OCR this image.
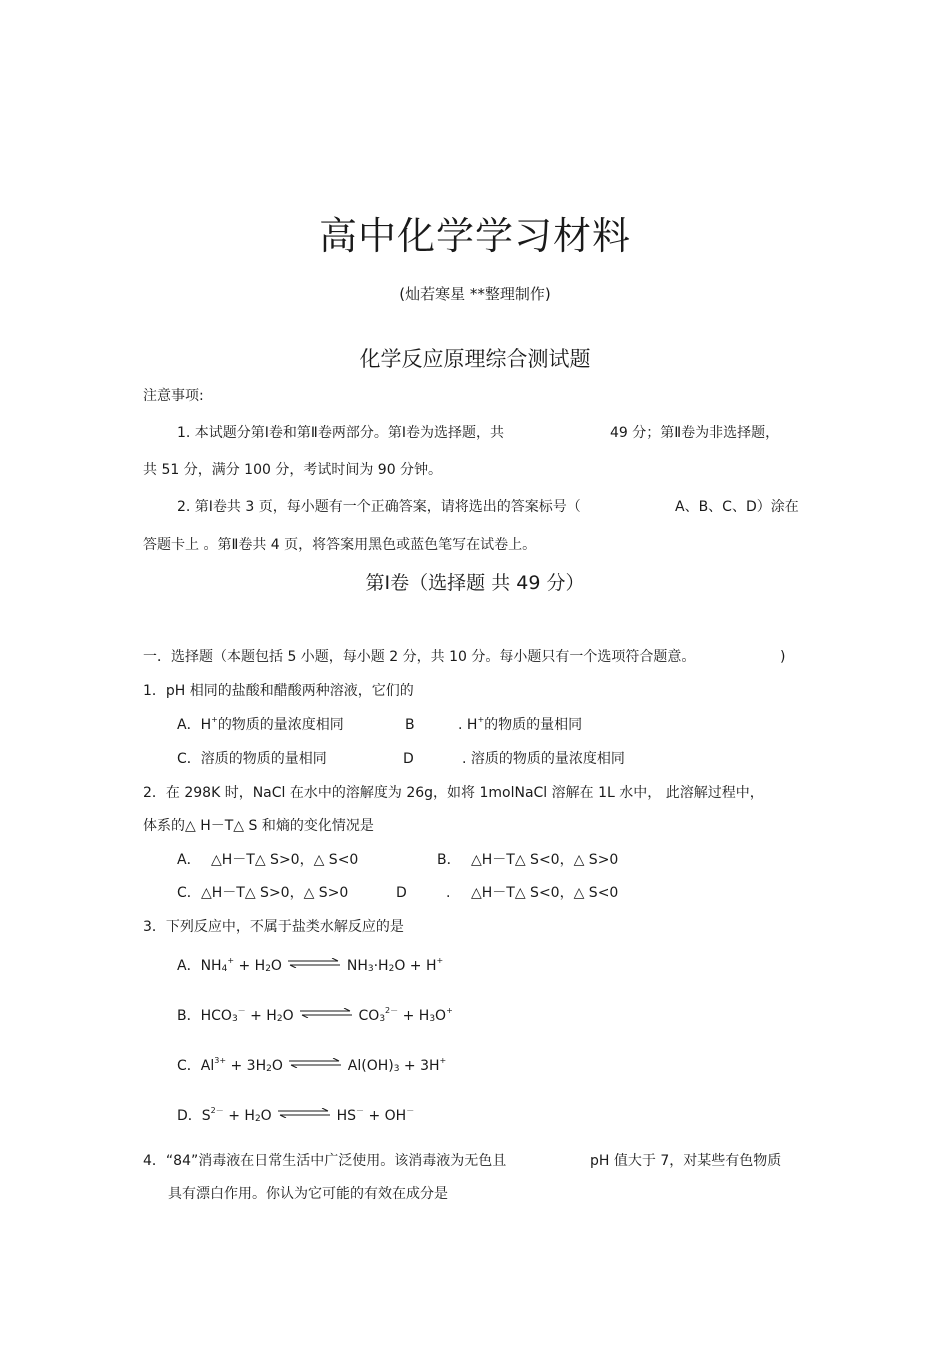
高中化学学习材料
(灿若寒星 **整理制作)
化学反应原理综合测试题
注意事项:
1. 本试题分第Ⅰ卷和第Ⅱ卷两部分。第Ⅰ卷为选择题，共	49 分；第Ⅱ卷为非选择题，
共 51 分，满分 100 分，考试时间为 90 分钟。
2. 第Ⅰ卷共 3 页，每小题有一个正确答案，请将选出的答案标号（	A、B、C、D）涂在
答题卡上 。第Ⅱ卷共 4 页，将答案用黑色或蓝色笔写在试卷上。
第Ⅰ卷（选择题 共 49 分）
一．选择题（本题包括 5 小题，每小题 2 分，共 10 分。每小题只有一个选项符合题意。	)
1．pH 相同的盐酸和醋酸两种溶液，它们的
A．H+的物质的量浓度相同	B	. H+的物质的量相同
C．溶质的物质的量相同	D	. 溶质的物质的量浓度相同
2．在 298K 时，NaCl 在水中的溶解度为 26g，如将 1molNaCl 溶解在 1L 水中， 此溶解过程中，
体系的△ H－T△ S 和熵的变化情况是
A． △H－T△ S>0，△ S<0	B． △H－T△ S<0，△ S>0
C． △H－T△ S>0，△ S>0	D	. △H－T△ S<0，△ S<0
3．下列反应中，不属于盐类水解反应的是
A．$NH_4^+ + H_2O$ ⇌ $NH_3\cdot H_2O + H^+$
B．$HCO_3^- + H_2O$ ⇌ $CO_3^{2-} + H_3O^+$
C．$Al^{3+} + 3H_2O$ ⇌ $Al(OH)_3 + 3H^+$
D．$S^{2-} + H_2O$ ⇌ HS－ + OH－
4．“84”消毒液在日常生活中广泛使用。该消毒液为无色且	pH 值大于 7，对某些有色物质
具有漂白作用。你认为它可能的有效在成分是
